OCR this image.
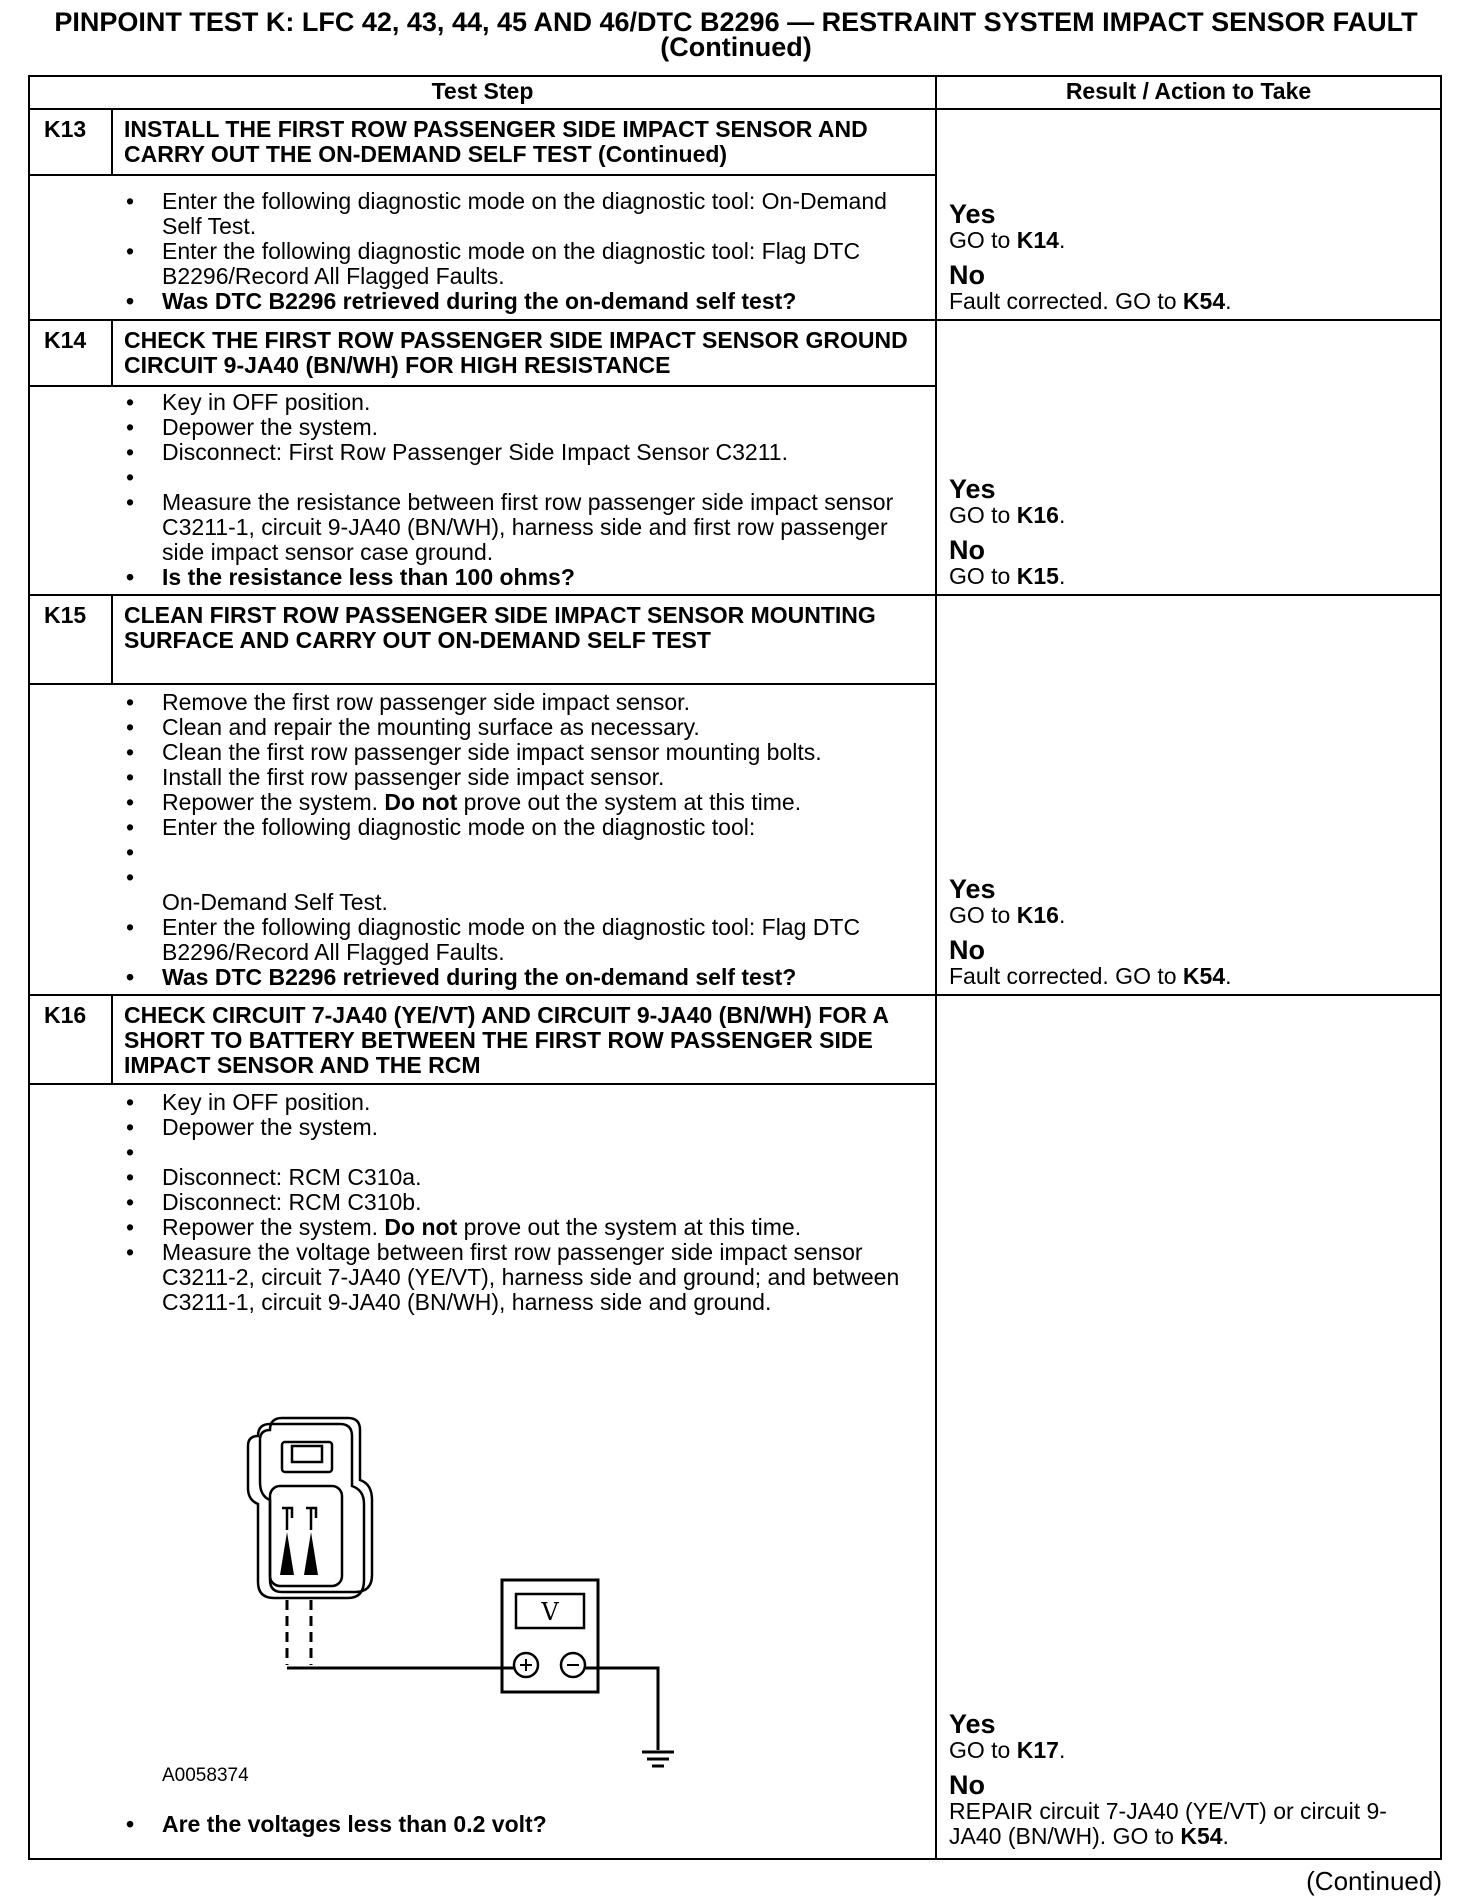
PINPOINT TEST K: LFC 42, 43, 44, 45 AND 46/DTC B2296 — RESTRAINT SYSTEM IMPACT SENSOR FAULT (Continued)
Test Step	Result / Action to Take
K13 INSTALL THE FIRST ROW PASSENGER SIDE IMPACT SENSOR AND CARRY OUT THE ON-DEMAND SELF TEST (Continued)
• Enter the following diagnostic mode on the diagnostic tool: On-Demand Self Test.
• Enter the following diagnostic mode on the diagnostic tool: Flag DTC B2296/Record All Flagged Faults.
• Was DTC B2296 retrieved during the on-demand self test?
Yes
GO to K14.
No
Fault corrected. GO to K54.
K14 CHECK THE FIRST ROW PASSENGER SIDE IMPACT SENSOR GROUND CIRCUIT 9-JA40 (BN/WH) FOR HIGH RESISTANCE
• Key in OFF position.
• Depower the system.
• Disconnect: First Row Passenger Side Impact Sensor C3211.
•
• Measure the resistance between first row passenger side impact sensor C3211-1, circuit 9-JA40 (BN/WH), harness side and first row passenger side impact sensor case ground.
• Is the resistance less than 100 ohms?
Yes
GO to K16.
No
GO to K15.
K15 CLEAN FIRST ROW PASSENGER SIDE IMPACT SENSOR MOUNTING SURFACE AND CARRY OUT ON-DEMAND SELF TEST
• Remove the first row passenger side impact sensor.
• Clean and repair the mounting surface as necessary.
• Clean the first row passenger side impact sensor mounting bolts.
• Install the first row passenger side impact sensor.
• Repower the system. Do not prove out the system at this time.
• Enter the following diagnostic mode on the diagnostic tool:
•
•
On-Demand Self Test.
• Enter the following diagnostic mode on the diagnostic tool: Flag DTC B2296/Record All Flagged Faults.
• Was DTC B2296 retrieved during the on-demand self test?
Yes
GO to K16.
No
Fault corrected. GO to K54.
K16 CHECK CIRCUIT 7-JA40 (YE/VT) AND CIRCUIT 9-JA40 (BN/WH) FOR A SHORT TO BATTERY BETWEEN THE FIRST ROW PASSENGER SIDE IMPACT SENSOR AND THE RCM
• Key in OFF position.
• Depower the system.
•
• Disconnect: RCM C310a.
• Disconnect: RCM C310b.
• Repower the system. Do not prove out the system at this time.
• Measure the voltage between first row passenger side impact sensor C3211-2, circuit 7-JA40 (YE/VT), harness side and ground; and between C3211-1, circuit 9-JA40 (BN/WH), harness side and ground.
V
A0058374
• Are the voltages less than 0.2 volt?
Yes
GO to K17.
No
REPAIR circuit 7-JA40 (YE/VT) or circuit 9-JA40 (BN/WH). GO to K54.
(Continued)
